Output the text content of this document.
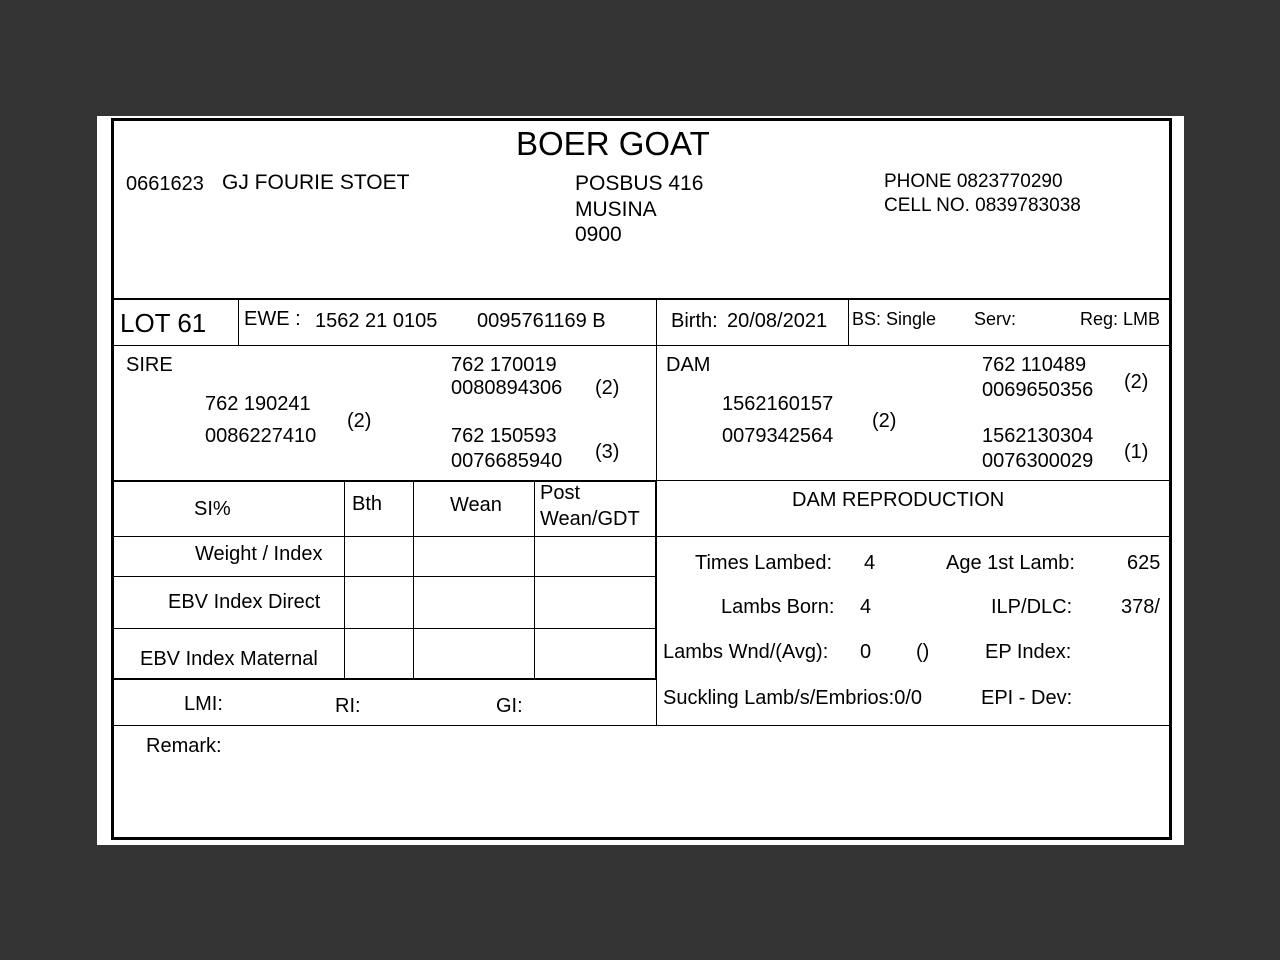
BOER GOAT
0661623 GJ FOURIE STOET	POSBUS 416
MUSINA
0900
PHONE 0823770290
CELL NO. 0839783038
LOT 61 EWE : 1562 21 0105 0095761169 B	Birth: 20/08/2021 BS: Single Serv:	Reg: LMB
SIRE
762 190241
0086227410
(2)
762 170019
0080894306 (2)
762 150593
0076685940 (3)
DAM
1562160157
0079342564
(2)
762 110489
0069650356 (2)
1562130304
0076300029 (1)
SI%	Bth	Wean
Post
Wean/GDT
Weight / Index
EBV Index Direct
EBV Index Maternal
LMI:	RI:	GI:
DAM REPRODUCTION
Times Lambed: 4	Age 1st Lamb:	625
Lambs Born: 4	ILP/DLC: 378/
Lambs Wnd/(Avg): 0 ()	EP Index:
Suckling Lamb/s/Embrios:0/0	EPI - Dev:
Remark:
